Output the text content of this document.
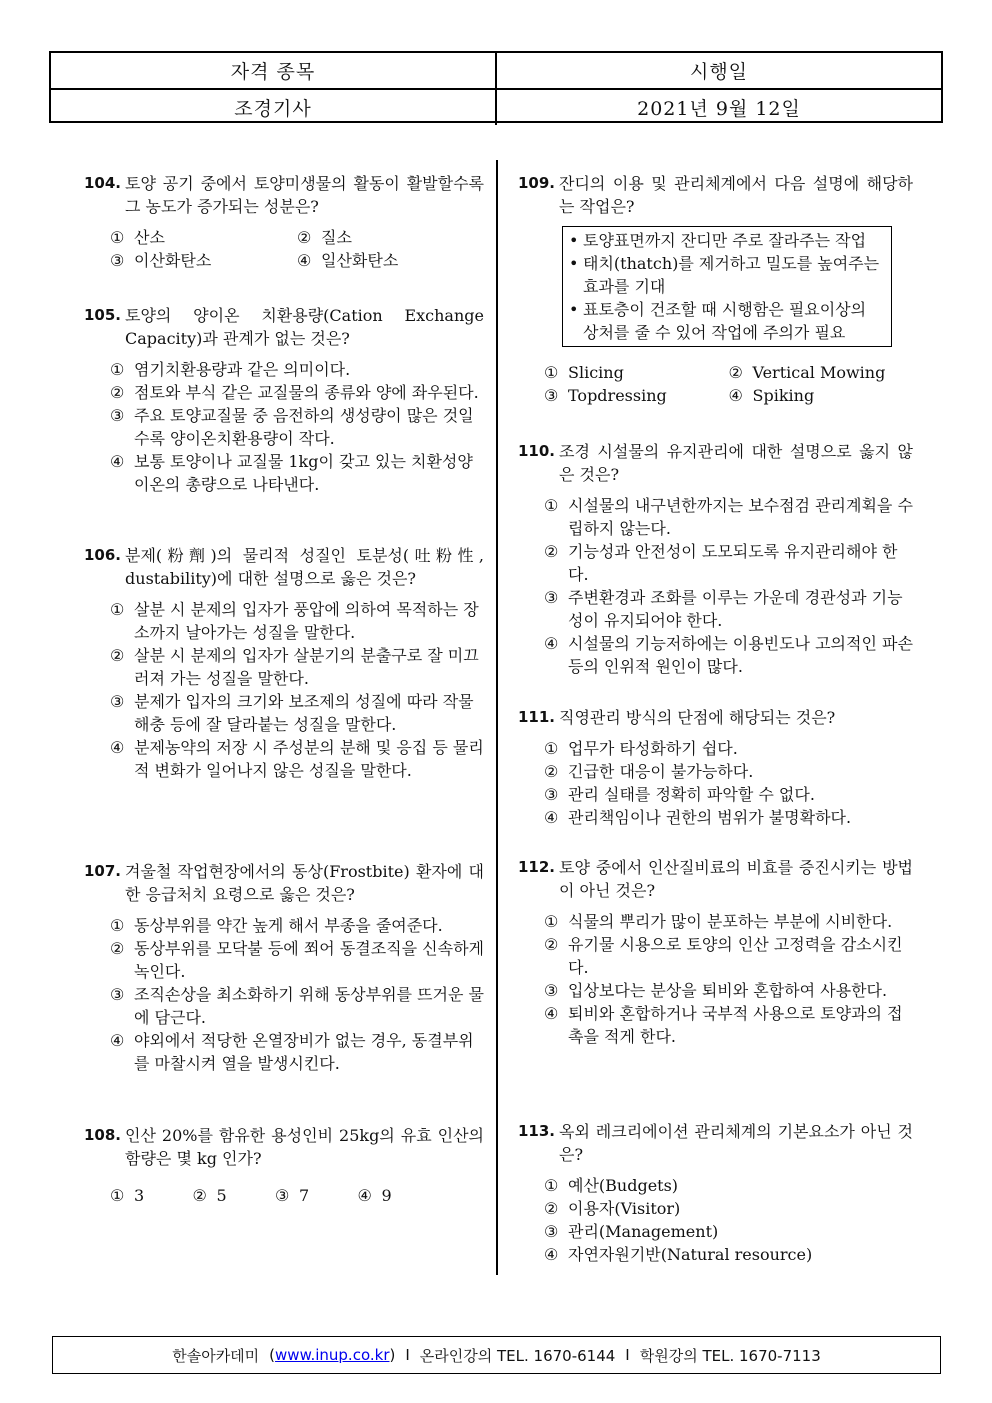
자격 종목	시행일
조경기사	2021년 9월 12일
104. 토양 공기 중에서 토양미생물의 활동이 활발할수록 그 농도가 증가되는 성분은?
① 산소	② 질소
③ 이산화탄소	④ 일산화탄소
105. 토양의 양이온 치환용량(Cation Exchange Capacity)과 관계가 없는 것은?
① 염기치환용량과 같은 의미이다.
② 점토와 부식 같은 교질물의 종류와 양에 좌우된다.
③ 주요 토양교질물 중 음전하의 생성량이 많은 것일수록 양이온치환용량이 작다.
④ 보통 토양이나 교질물 1kg이 갖고 있는 치환성양이온의 총량으로 나타낸다.
106. 분제(粉劑)의 물리적 성질인 토분성(吐粉性, dustability)에 대한 설명으로 옳은 것은?
① 살분 시 분제의 입자가 풍압에 의하여 목적하는 장소까지 날아가는 성질을 말한다.
② 살분 시 분제의 입자가 살분기의 분출구로 잘 미끄러져 가는 성질을 말한다.
③ 분제가 입자의 크기와 보조제의 성질에 따라 작물해충 등에 잘 달라붙는 성질을 말한다.
④ 분제농약의 저장 시 주성분의 분해 및 응집 등 물리적 변화가 일어나지 않은 성질을 말한다.
107. 겨울철 작업현장에서의 동상(Frostbite) 환자에 대한 응급처치 요령으로 옳은 것은?
① 동상부위를 약간 높게 해서 부종을 줄여준다.
② 동상부위를 모닥불 등에 쬐어 동결조직을 신속하게 녹인다.
③ 조직손상을 최소화하기 위해 동상부위를 뜨거운 물에 담근다.
④ 야외에서 적당한 온열장비가 없는 경우, 동결부위를 마찰시켜 열을 발생시킨다.
108. 인산 20%를 함유한 용성인비 25kg의 유효 인산의 함량은 몇 kg 인가?
① 3	② 5	③ 7	④ 9
109. 잔디의 이용 및 관리체계에서 다음 설명에 해당하는 작업은?
• 토양표면까지 잔디만 주로 잘라주는 작업
• 태치(thatch)를 제거하고 밀도를 높여주는 효과를 기대
• 표토층이 건조할 때 시행함은 필요이상의 상처를 줄 수 있어 작업에 주의가 필요
① Slicing	② Vertical Mowing
③ Topdressing	④ Spiking
110. 조경 시설물의 유지관리에 대한 설명으로 옳지 않은 것은?
① 시설물의 내구년한까지는 보수점검 관리계획을 수립하지 않는다.
② 기능성과 안전성이 도모되도록 유지관리해야 한다.
③ 주변환경과 조화를 이루는 가운데 경관성과 기능성이 유지되어야 한다.
④ 시설물의 기능저하에는 이용빈도나 고의적인 파손 등의 인위적 원인이 많다.
111. 직영관리 방식의 단점에 해당되는 것은?
① 업무가 타성화하기 쉽다.
② 긴급한 대응이 불가능하다.
③ 관리 실태를 정확히 파악할 수 없다.
④ 관리책임이나 권한의 범위가 불명확하다.
112. 토양 중에서 인산질비료의 비효를 증진시키는 방법이 아닌 것은?
① 식물의 뿌리가 많이 분포하는 부분에 시비한다.
② 유기물 시용으로 토양의 인산 고정력을 감소시킨다.
③ 입상보다는 분상을 퇴비와 혼합하여 사용한다.
④ 퇴비와 혼합하거나 국부적 사용으로 토양과의 접촉을 적게 한다.
113. 옥외 레크리에이션 관리체계의 기본요소가 아닌 것은?
① 예산(Budgets)
② 이용자(Visitor)
③ 관리(Management)
④ 자연자원기반(Natural resource)
한솔아카데미 (www.inup.co.kr) I 온라인강의 TEL. 1670-6144 I 학원강의 TEL. 1670-7113
